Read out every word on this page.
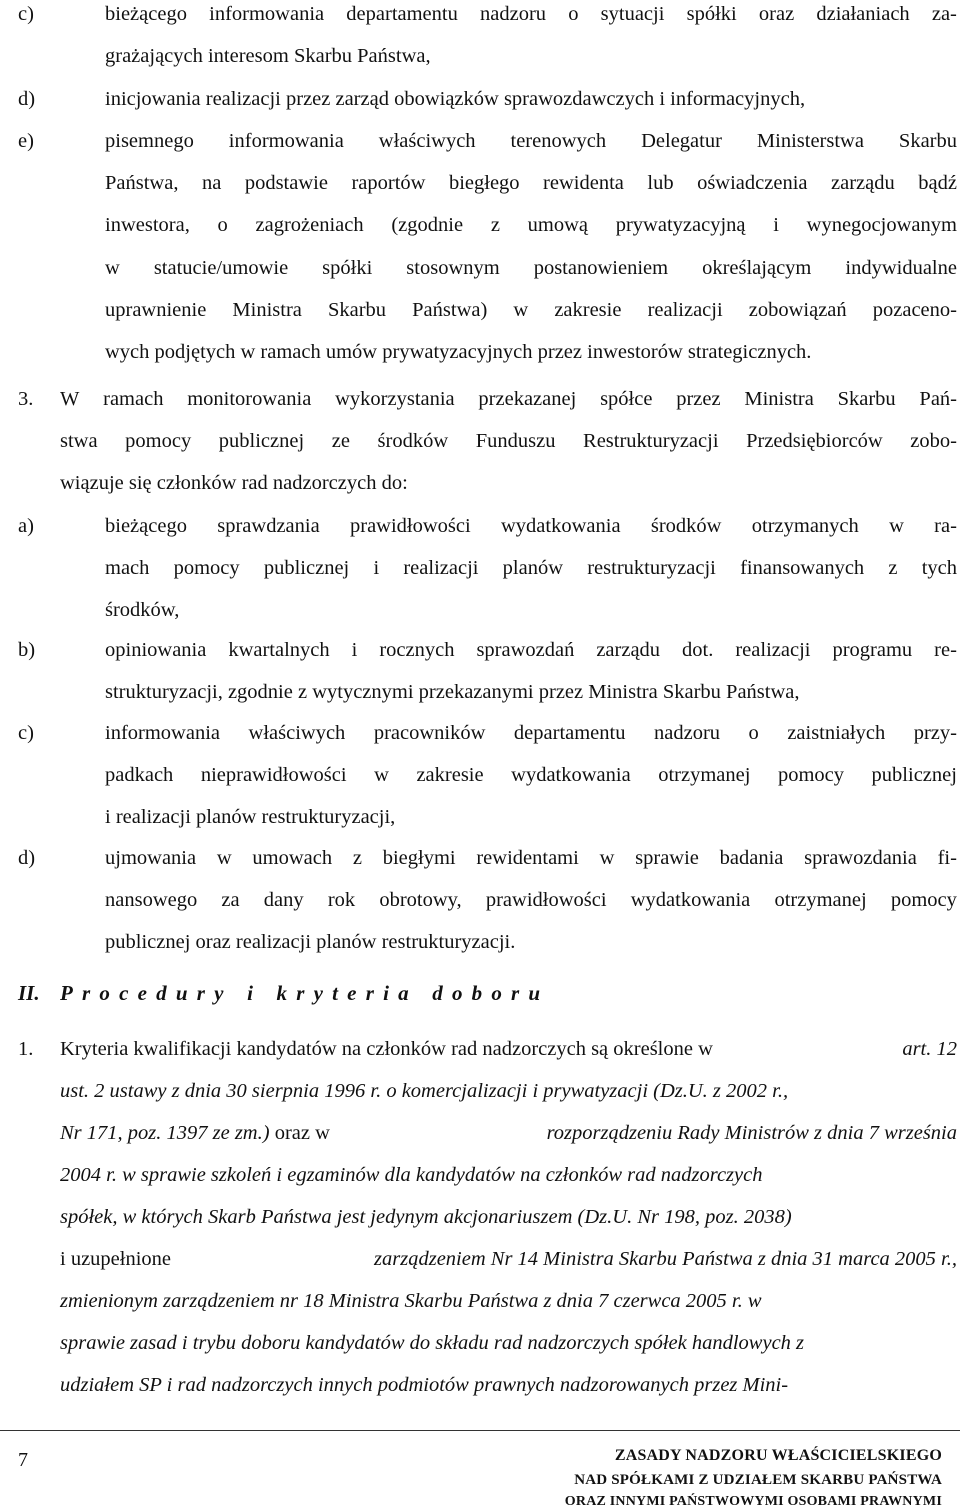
c)	bieżącego informowania departamentu nadzoru o sytuacji spółki oraz działaniach za-
grażających interesom Skarbu Państwa,
d)	inicjowania realizacji przez zarząd obowiązków sprawozdawczych i informacyjnych,
e)	pisemnego informowania właściwych terenowych Delegatur Ministerstwa Skarbu
Państwa, na podstawie raportów biegłego rewidenta lub oświadczenia zarządu bądź
inwestora, o zagrożeniach (zgodnie z umową prywatyzacyjną i wynegocjowanym
w statucie/umowie spółki stosownym postanowieniem określającym indywidualne
uprawnienie Ministra Skarbu Państwa) w zakresie realizacji zobowiązań pozaceno-
wych podjętych w ramach umów prywatyzacyjnych przez inwestorów strategicznych.
3. W ramach monitorowania wykorzystania przekazanej spółce przez Ministra Skarbu Pań-
stwa pomocy publicznej ze środków Funduszu Restrukturyzacji Przedsiębiorców zobo-
wiązuje się członków rad nadzorczych do:
a)	bieżącego sprawdzania prawidłowości wydatkowania środków otrzymanych w ra-
mach pomocy publicznej i realizacji planów restrukturyzacji finansowanych z tych
środków,
b)	opiniowania kwartalnych i rocznych sprawozdań zarządu dot. realizacji programu re-
strukturyzacji, zgodnie z wytycznymi przekazanymi przez Ministra Skarbu Państwa,
c)	informowania właściwych pracowników departamentu nadzoru o zaistniałych przy-
padkach nieprawidłowości w zakresie wydatkowania otrzymanej pomocy publicznej
i realizacji planów restrukturyzacji,
d)	ujmowania w umowach z biegłymi rewidentami w sprawie badania sprawozdania fi-
nansowego za dany rok obrotowy, prawidłowości wydatkowania otrzymanej pomocy
publicznej oraz realizacji planów restrukturyzacji.
II. Procedury i kryteria doboru
1. Kryteria kwalifikacji kandydatów na członków rad nadzorczych są określone w	art. 12
ust. 2 ustawy z dnia 30 sierpnia 1996 r. o komercjalizacji i prywatyzacji (Dz.U. z 2002 r.,
Nr 171, poz. 1397 ze zm.) oraz w	rozporządzeniu Rady Ministrów z dnia 7 września
2004 r. w sprawie szkoleń i egzaminów dla kandydatów na członków rad nadzorczych
spółek, w których Skarb Państwa jest jedynym akcjonariuszem (Dz.U. Nr 198, poz. 2038)
i uzupełnione	zarządzeniem Nr 14 Ministra Skarbu Państwa z dnia 31 marca 2005 r.,
zmienionym zarządzeniem nr 18 Ministra Skarbu Państwa z dnia 7 czerwca 2005 r. w
sprawie zasad i trybu doboru kandydatów do składu rad nadzorczych spółek handlowych z
udziałem SP i rad nadzorczych innych podmiotów prawnych nadzorowanych przez Mini-
7	ZASADY NADZORU WŁAŚCICIELSKIEGO
NAD SPÓŁKAMI Z UDZIAŁEM SKARBU PAŃSTWA
ORAZ INNYMI PAŃSTWOWYMI OSOBAMI PRAWNYMI
